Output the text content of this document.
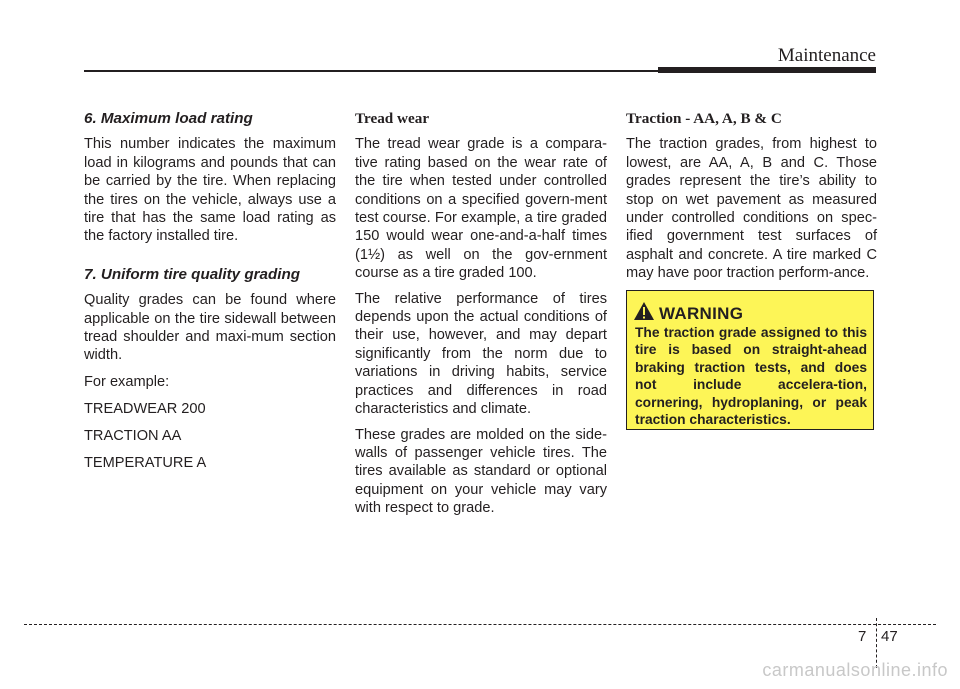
Maintenance

6. Maximum load rating

This number indicates the maximum load in kilograms and pounds that can be carried by the tire. When replacing the tires on the vehicle, always use a tire that has the same load rating as the factory installed tire.

7. Uniform tire quality grading

Quality grades can be found where applicable on the tire sidewall between tread shoulder and maxi-mum section width.

For example:

TREADWEAR 200

TRACTION AA

TEMPERATURE A

Tread wear

The tread wear grade is a compara-tive rating based on the wear rate of the tire when tested under controlled conditions on a specified govern-ment test course. For example, a tire graded 150 would wear one-and-a-half times (1½) as well on the gov-ernment course as a tire graded 100.

The relative performance of tires depends upon the actual conditions of their use, however, and may depart significantly from the norm due to variations in driving habits, service practices and differences in road characteristics and climate.

These grades are molded on the side-walls of passenger vehicle tires. The tires available as standard or optional equipment on your vehicle may vary with respect to grade.

Traction - AA, A, B & C

The traction grades, from highest to lowest, are AA, A, B and C. Those grades represent the tire’s ability to stop on wet pavement as measured under controlled conditions on spec-ified government test surfaces of asphalt and concrete. A tire marked C may have poor traction perform-ance.

WARNING
The traction grade assigned to this tire is based on straight-ahead braking traction tests, and does not include accelera-tion, cornering, hydroplaning, or peak traction characteristics.
7 47
carmanualsonline.info
